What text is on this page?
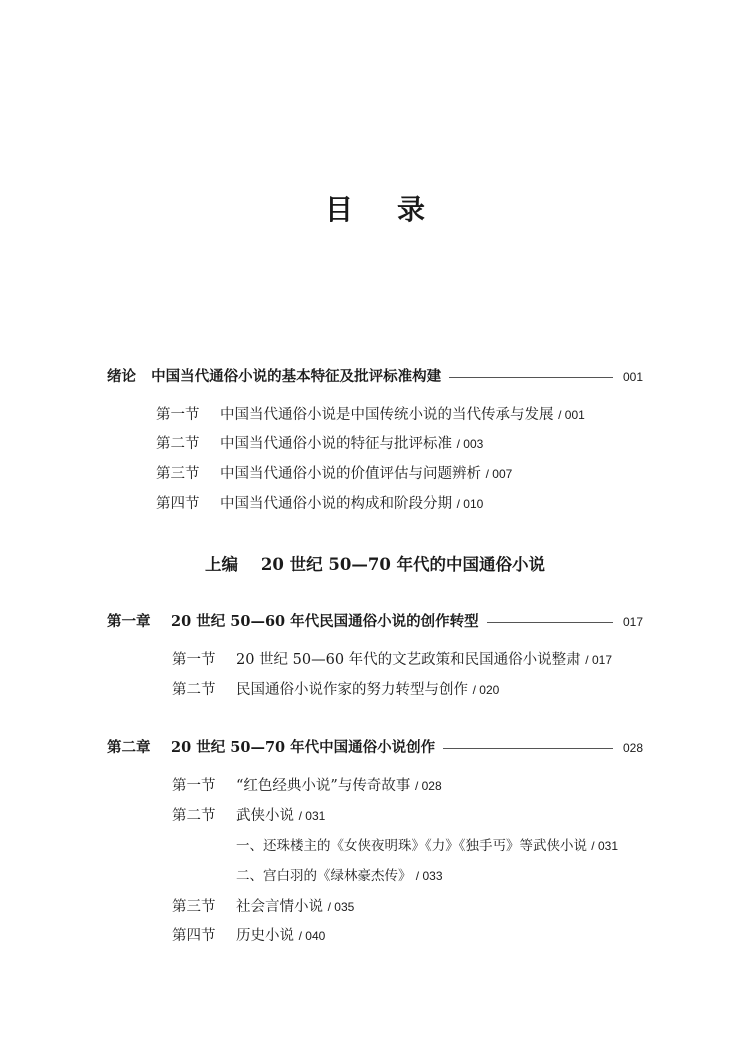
目 录
绪论 中国当代通俗小说的基本特征及批评标准构建	001
第一节 中国当代通俗小说是中国传统小说的当代传承与发展 / 001
第二节 中国当代通俗小说的特征与批评标准 / 003
第三节 中国当代通俗小说的价值评估与问题辨析 / 007
第四节 中国当代通俗小说的构成和阶段分期 / 010
上编 20 世纪 50—70 年代的中国通俗小说
第一章 20 世纪 50—60 年代民国通俗小说的创作转型	017
第一节 20 世纪 50—60 年代的文艺政策和民国通俗小说整肃 / 017
第二节 民国通俗小说作家的努力转型与创作 / 020
第二章 20 世纪 50—70 年代中国通俗小说创作	028
第一节 “红色经典小说”与传奇故事 / 028
第二节 武侠小说 / 031
一、还珠楼主的《女侠夜明珠》《力》《独手丐》等武侠小说 / 031
二、宫白羽的《绿林豪杰传》 / 033
第三节 社会言情小说 / 035
第四节 历史小说 / 040
